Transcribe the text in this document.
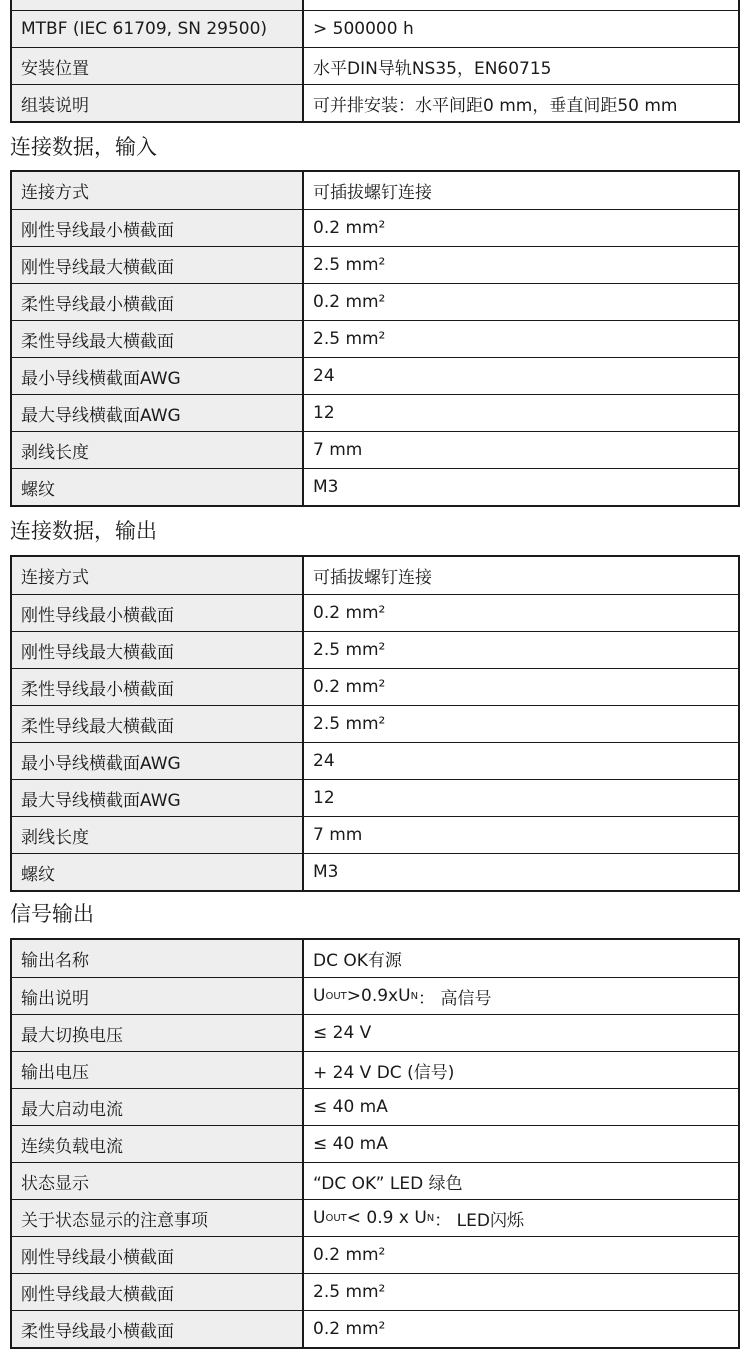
MTBF (IEC 61709, SN 29500)	> 500000 h
安装位置	水平DIN导轨NS35，EN60715
组装说明	可并排安装：水平间距0 mm，垂直间距50 mm
连接数据，输入
连接方式	可插拔螺钉连接
刚性导线最小横截面	0.2 mm²
刚性导线最大横截面	2.5 mm²
柔性导线最小横截面	0.2 mm²
柔性导线最大横截面	2.5 mm²
最小导线横截面AWG	24
最大导线横截面AWG	12
剥线长度	7 mm
螺纹	M3
连接数据，输出
连接方式	可插拔螺钉连接
刚性导线最小横截面	0.2 mm²
刚性导线最大横截面	2.5 mm²
柔性导线最小横截面	0.2 mm²
柔性导线最大横截面	2.5 mm²
最小导线横截面AWG	24
最大导线横截面AWG	12
剥线长度	7 mm
螺纹	M3
信号输出
输出名称	DC OK有源
输出说明	U OUT >0.9xU N ： 高信号
最大切换电压	≤ 24 V
输出电压	+ 24 V DC (信号)
最大启动电流	≤ 40 mA
连续负载电流	≤ 40 mA
状态显示	“DC OK” LED 绿色
关于状态显示的注意事项	U OUT < 0.9 x U N ： LED闪烁
刚性导线最小横截面	0.2 mm²
刚性导线最大横截面	2.5 mm²
柔性导线最小横截面	0.2 mm²
